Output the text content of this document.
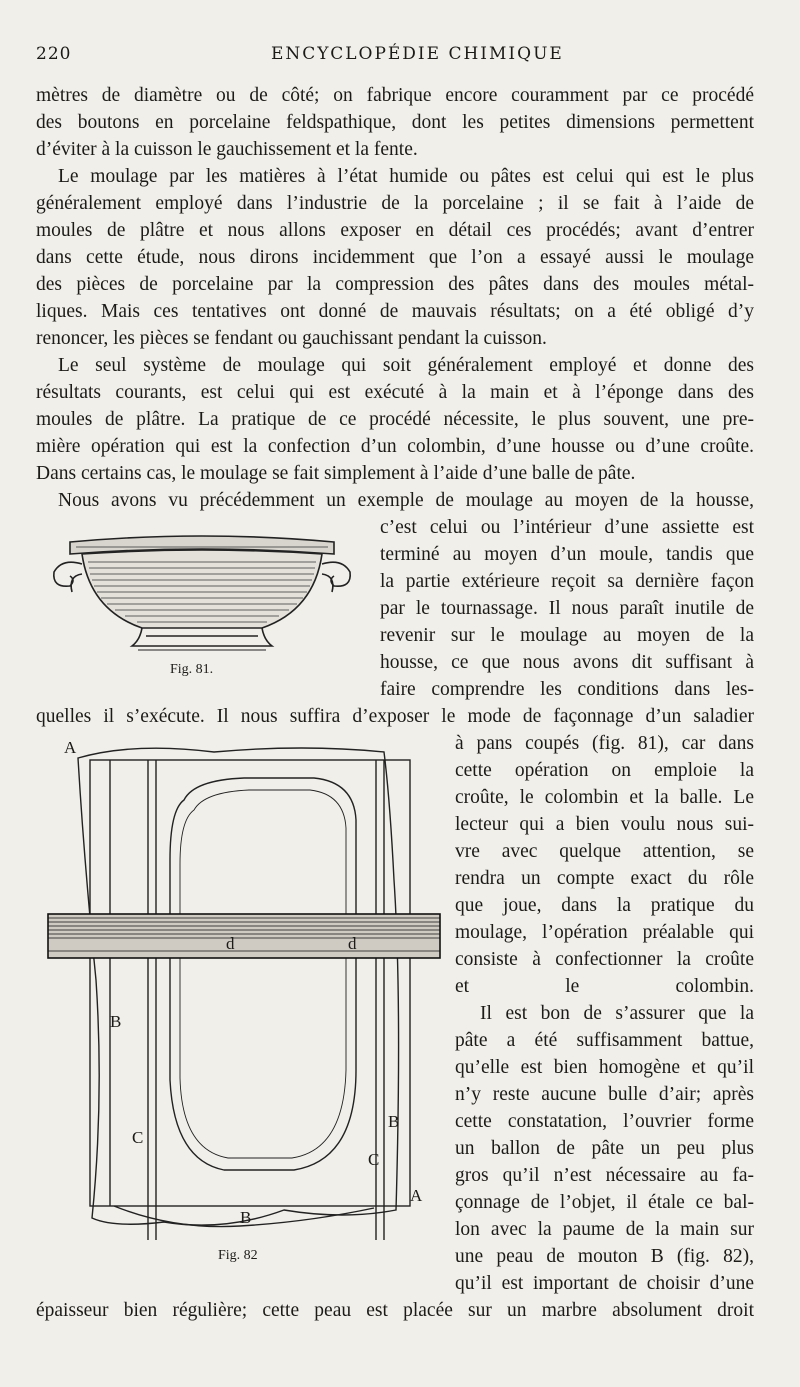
220	ENCYCLOPÉDIE CHIMIQUE
mètres de diamètre ou de côté; on fabrique encore couramment par ce procédé
des boutons en porcelaine feldspathique, dont les petites dimensions permettent
d’éviter à la cuisson le gauchissement et la fente.
Le moulage par les matières à l’état humide ou pâtes est celui qui est le plus
généralement employé dans l’industrie de la porcelaine ; il se fait à l’aide de
moules de plâtre et nous allons exposer en détail ces procédés; avant d’entrer
dans cette étude, nous dirons incidemment que l’on a essayé aussi le moulage
des pièces de porcelaine par la compression des pâtes dans des moules métal-
liques. Mais ces tentatives ont donné de mauvais résultats; on a été obligé d’y
renoncer, les pièces se fendant ou gauchissant pendant la cuisson.
Le seul système de moulage qui soit généralement employé et donne des
résultats courants, est celui qui est exécuté à la main et à l’éponge dans des
moules de plâtre. La pratique de ce procédé nécessite, le plus souvent, une pre-
mière opération qui est la confection d’un colombin, d’une housse ou d’une croûte.
Dans certains cas, le moulage se fait simplement à l’aide d’une balle de pâte.
Nous avons vu précédemment un exemple de moulage au moyen de la housse,
c’est celui ou l’intérieur d’une assiette est
terminé au moyen d’un moule, tandis que
la partie extérieure reçoit sa dernière façon
par le tournassage. Il nous paraît inutile de
revenir sur le moulage au moyen de la
housse, ce que nous avons dit suffisant à
faire comprendre les conditions dans les-
quelles il s’exécute. Il nous suffira d’exposer le mode de façonnage d’un saladier
à pans coupés (fig. 81), car dans
cette opération on emploie la
croûte, le colombin et la balle. Le
lecteur qui a bien voulu nous sui-
vre avec quelque attention, se
rendra un compte exact du rôle
que joue, dans la pratique du
moulage, l’opération préalable qui
consiste à confectionner la croûte
et le colombin.
Il est bon de s’assurer que la
pâte a été suffisamment battue,
qu’elle est bien homogène et qu’il
n’y reste aucune bulle d’air; après
cette constatation, l’ouvrier forme
un ballon de pâte un peu plus
gros qu’il n’est nécessaire au fa-
çonnage de l’objet, il étale ce bal-
lon avec la paume de la main sur
une peau de mouton B (fig. 82),
qu’il est important de choisir d’une
épaisseur bien régulière; cette peau est placée sur un marbre absolument droit
Fig. 81.
A
A
B
B
B
C
C
d	d
Fig. 82
